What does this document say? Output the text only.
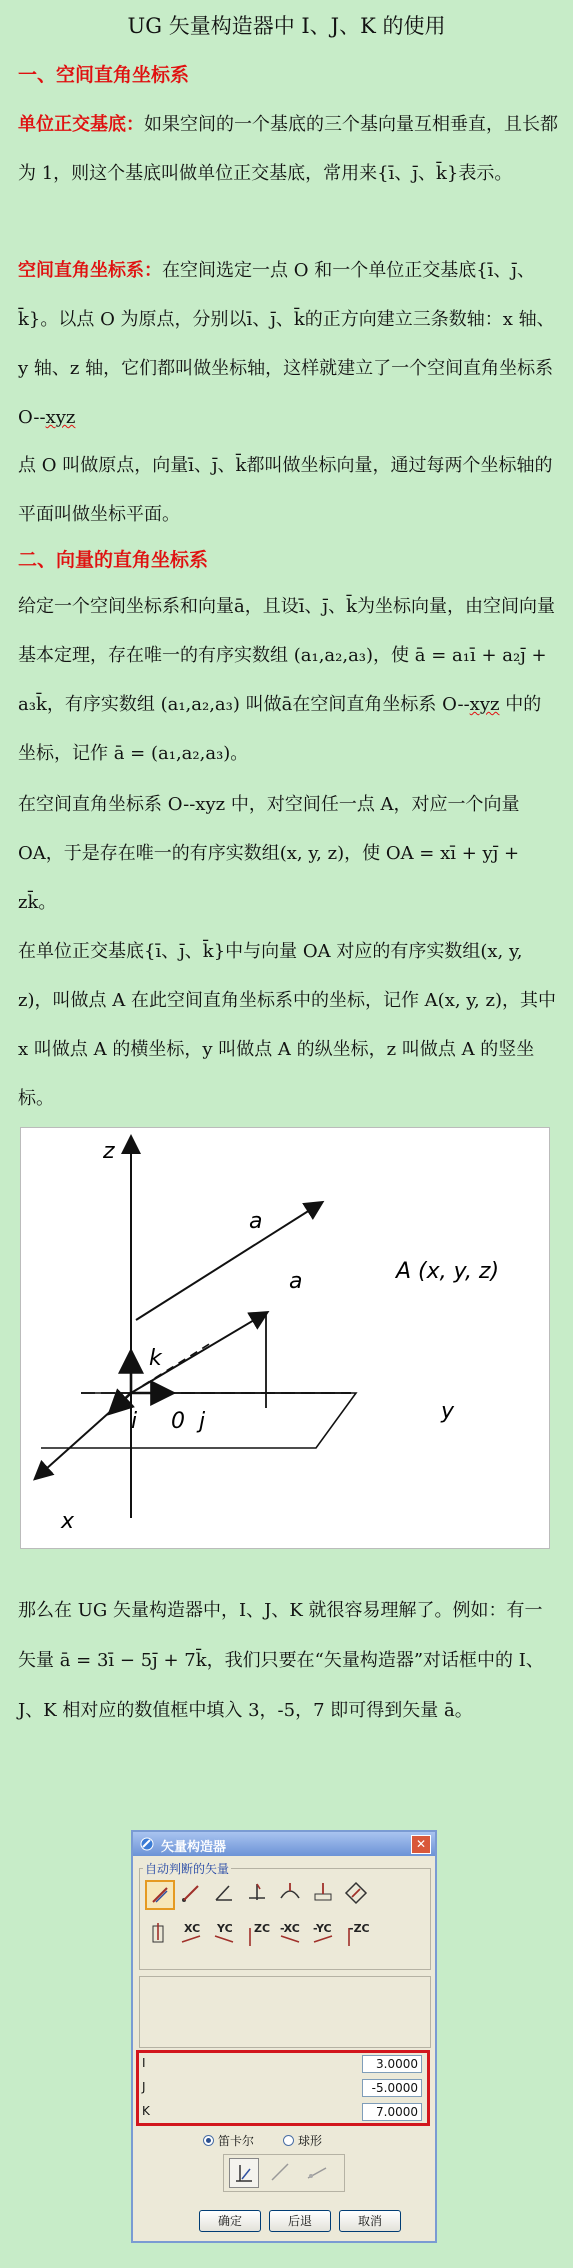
UG 矢量构造器中 I、J、K 的使用
一、空间直角坐标系
单位正交基底：如果空间的一个基底的三个基向量互相垂直，且长都为 1，则这个基底叫做单位正交基底，常用来{ī、j̄、k̄}表示。
空间直角坐标系：在空间选定一点 O 和一个单位正交基底{ī、j̄、k̄}。以点 O 为原点，分别以ī、j̄、k̄的正方向建立三条数轴：x 轴、y 轴、z 轴，它们都叫做坐标轴，这样就建立了一个空间直角坐标系 O--xyz
点 O 叫做原点，向量ī、j̄、k̄都叫做坐标向量，通过每两个坐标轴的平面叫做坐标平面。
二、向量的直角坐标系
给定一个空间坐标系和向量ā，且设ī、j̄、k̄为坐标向量，由空间向量基本定理，存在唯一的有序实数组 (a₁,a₂,a₃)，使 ā = a₁ī + a₂j̄ + a₃k̄，有序实数组 (a₁,a₂,a₃) 叫做ā在空间直角坐标系 O--xyz 中的坐标，记作 ā = (a₁,a₂,a₃)。
在空间直角坐标系 O--xyz 中，对空间任一点 A，对应一个向量 OA，于是存在唯一的有序实数组(x, y, z)，使 OA = xī + yj̄ + zk̄。
在单位正交基底{ī、j̄、k̄}中与向量 OA 对应的有序实数组(x, y, z)，叫做点 A 在此空间直角坐标系中的坐标，记作 A(x, y, z)，其中 x 叫做点 A 的横坐标，y 叫做点 A 的纵坐标，z 叫做点 A 的竖坐标。
z
y
x
a
a	A (x, y, z)
k
i	j
0
那么在 UG 矢量构造器中，I、J、K 就很容易理解了。例如：有一矢量 ā = 3ī − 5j̄ + 7k̄，我们只要在“矢量构造器”对话框中的 I、J、K 相对应的数值框中填入 3，-5，7 即可得到矢量 ā。
矢量构造器	✕
自动判断的矢量
XC YC ZC -XC -YC -ZC
I	3.0000
J	-5.0000
K	7.0000
笛卡尔	球形
确定	后退	取消
